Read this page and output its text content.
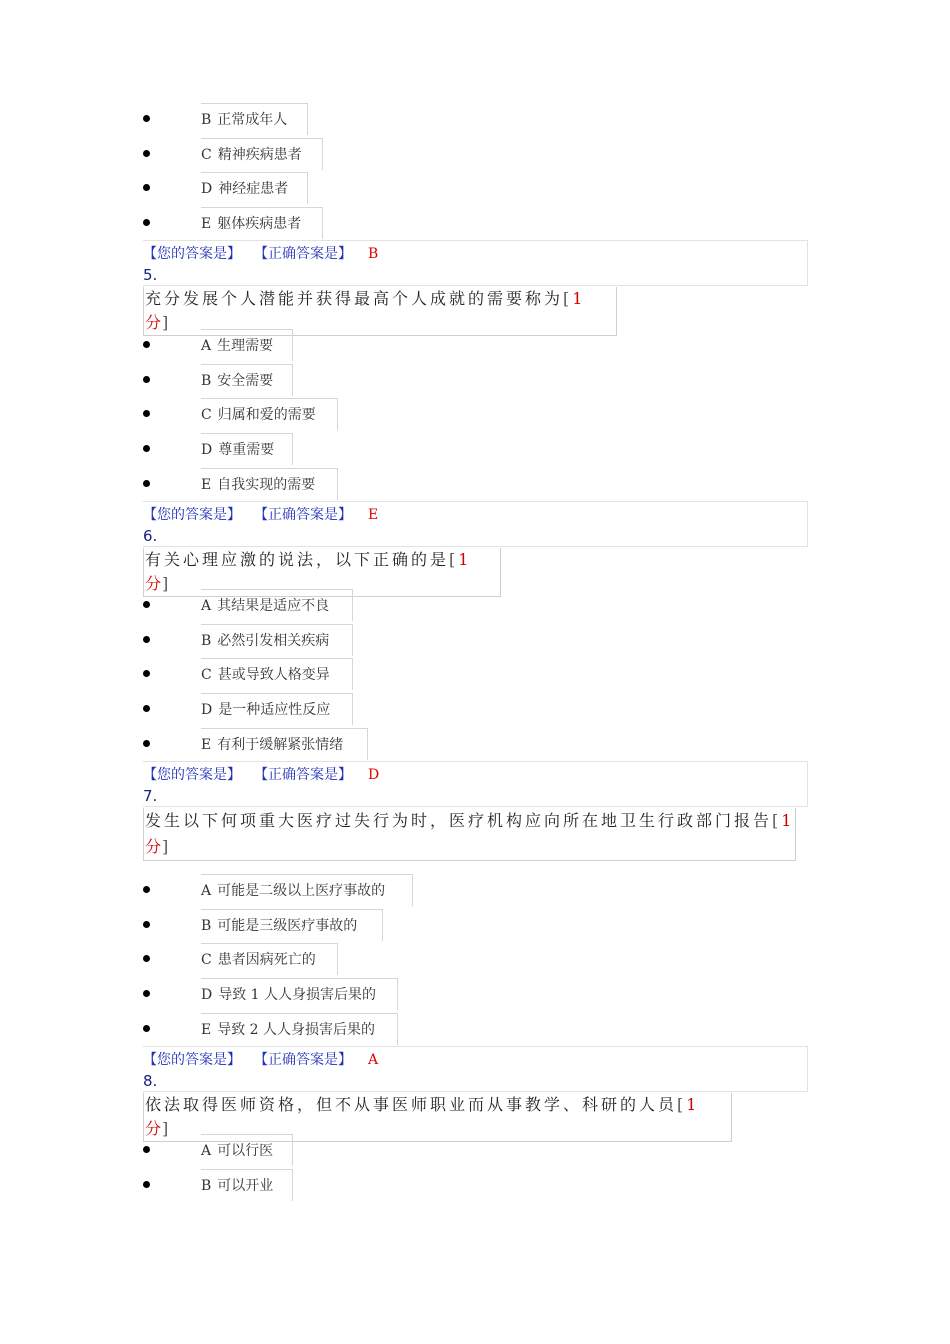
B 正常成年人
C 精神疾病患者
D 神经症患者
E 躯体疾病患者
【您的答案是】 【正确答案是】 B
5.
充分发展个人潜能并获得最高个人成就的需要称为[1 分]
A 生理需要
B 安全需要
C 归属和爱的需要
D 尊重需要
E 自我实现的需要
【您的答案是】 【正确答案是】 E
6.
有关心理应激的说法，以下正确的是[1 分]
A 其结果是适应不良
B 必然引发相关疾病
C 甚或导致人格变异
D 是一种适应性反应
E 有利于缓解紧张情绪
【您的答案是】 【正确答案是】 D
7.
发生以下何项重大医疗过失行为时，医疗机构应向所在地卫生行政部门报告[1
分]
A 可能是二级以上医疗事故的
B 可能是三级医疗事故的
C 患者因病死亡的
D 导致 1 人人身损害后果的
E 导致 2 人人身损害后果的
【您的答案是】 【正确答案是】 A
8.
依法取得医师资格，但不从事医师职业而从事教学、科研的人员[1 分]
A 可以行医
B 可以开业
